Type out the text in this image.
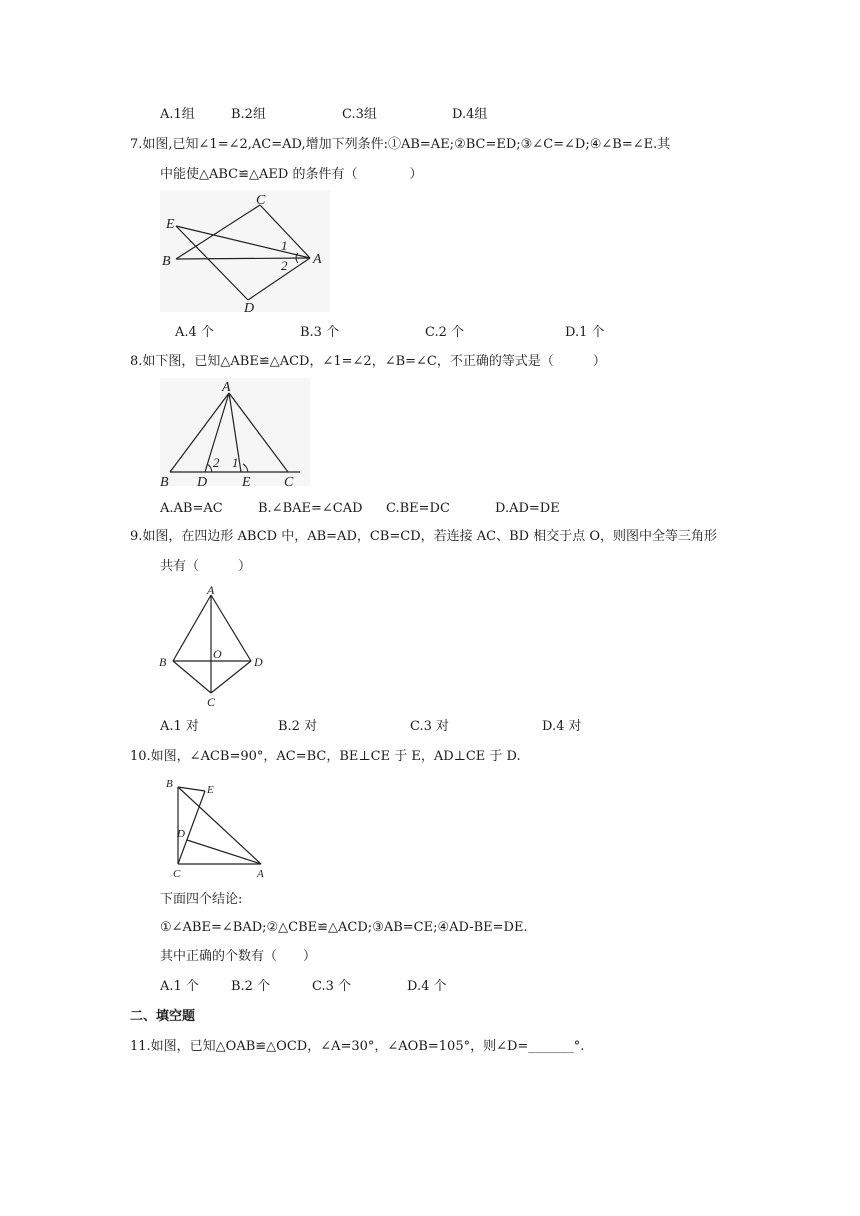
A.1组	B.2组	C.3组	D.4组
7.如图,已知∠1=∠2,AC=AD,增加下列条件:①AB=AE;②BC=ED;③∠C=∠D;④∠B=∠E.其
中能使△ABC≌△AED 的条件有（　　　　）
C
E
B	A
D
1
2
A.4 个	B.3 个	C.2 个	D.1 个
8.如下图，已知△ABE≌△ACD，∠1=∠2，∠B=∠C，不正确的等式是（　　　）
A
B D E C
2 1
A.AB=AC	B.∠BAE=∠CAD C.BE=DC	D.AD=DE
9.如图，在四边形 ABCD 中，AB=AD，CB=CD，若连接 AC、BD 相交于点 O，则图中全等三角形
共有（　　　）
A
B
O
D
C
A.1 对	B.2 对	C.3 对	D.4 对
10.如图，∠ACB=90°，AC=BC，BE⊥CE 于 E，AD⊥CE 于 D.
B	E
D
C	A
下面四个结论:
①∠ABE=∠BAD;②△CBE≌△ACD;③AB=CE;④AD-BE=DE.
其中正确的个数有（　　）
A.1 个 B.2 个	C.3 个	D.4 个
二、填空题
11.如图，已知△OAB≌△OCD，∠A=30°，∠AOB=105°，则∠D=_______°.
